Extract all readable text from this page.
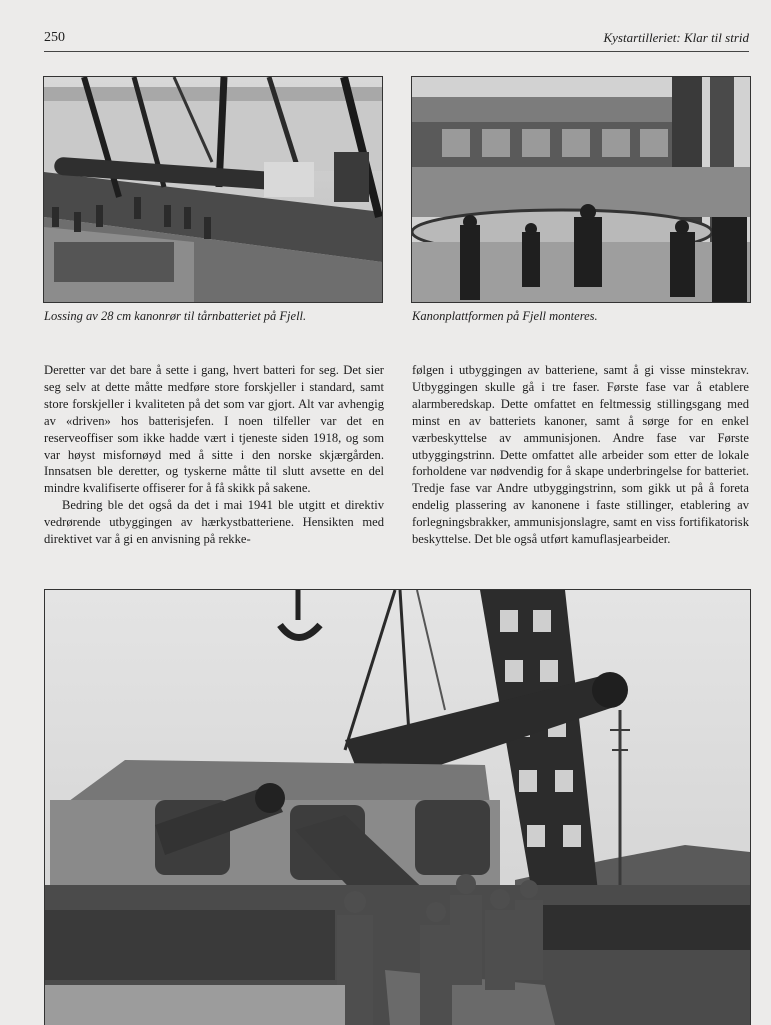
250	Kystartilleriet: Klar til strid
Lossing av 28 cm kanonrør til tårnbatteriet på Fjell.	Kanonplattformen på Fjell monteres.

Deretter var det bare å sette i gang, hvert batteri for seg. Det sier seg selv at dette måtte medføre store forskjeller i standard, samt store forskjeller i kvaliteten på det som var gjort. Alt var avhengig av «driven» hos batterisjefen. I noen tilfeller var det en reserveoffiser som ikke hadde vært i tjeneste siden 1918, og som var høyst misfornøyd med å sitte i den norske skjærgården. Innsatsen ble deretter, og tyskerne måtte til slutt avsette en del mindre kvalifiserte offiserer for å få skikk på sakene.

Bedring ble det også da det i mai 1941 ble utgitt et direktiv vedrørende utbyggingen av hærkystbatteriene. Hensikten med direktivet var å gi en anvisning på rekke-

følgen i utbyggingen av batteriene, samt å gi visse minstekrav. Utbyggingen skulle gå i tre faser. Første fase var å etablere alarmberedskap. Dette omfattet en feltmessig stillingsgang med minst en av batteriets kanoner, samt å sørge for en enkel værbeskyttelse av ammunisjonen. Andre fase var Første utbyggingstrinn. Dette omfattet alle arbeider som etter de lokale forholdene var nødvendig for å skape underbringelse for batteriet. Tredje fase var Andre utbyggingstrinn, som gikk ut på å foreta endelig plassering av kanonene i faste stillinger, etablering av forlegningsbrakker, ammunisjonslagre, samt en viss fortifikatorisk beskyttelse. Det ble også utført kamuflasjearbeider.
